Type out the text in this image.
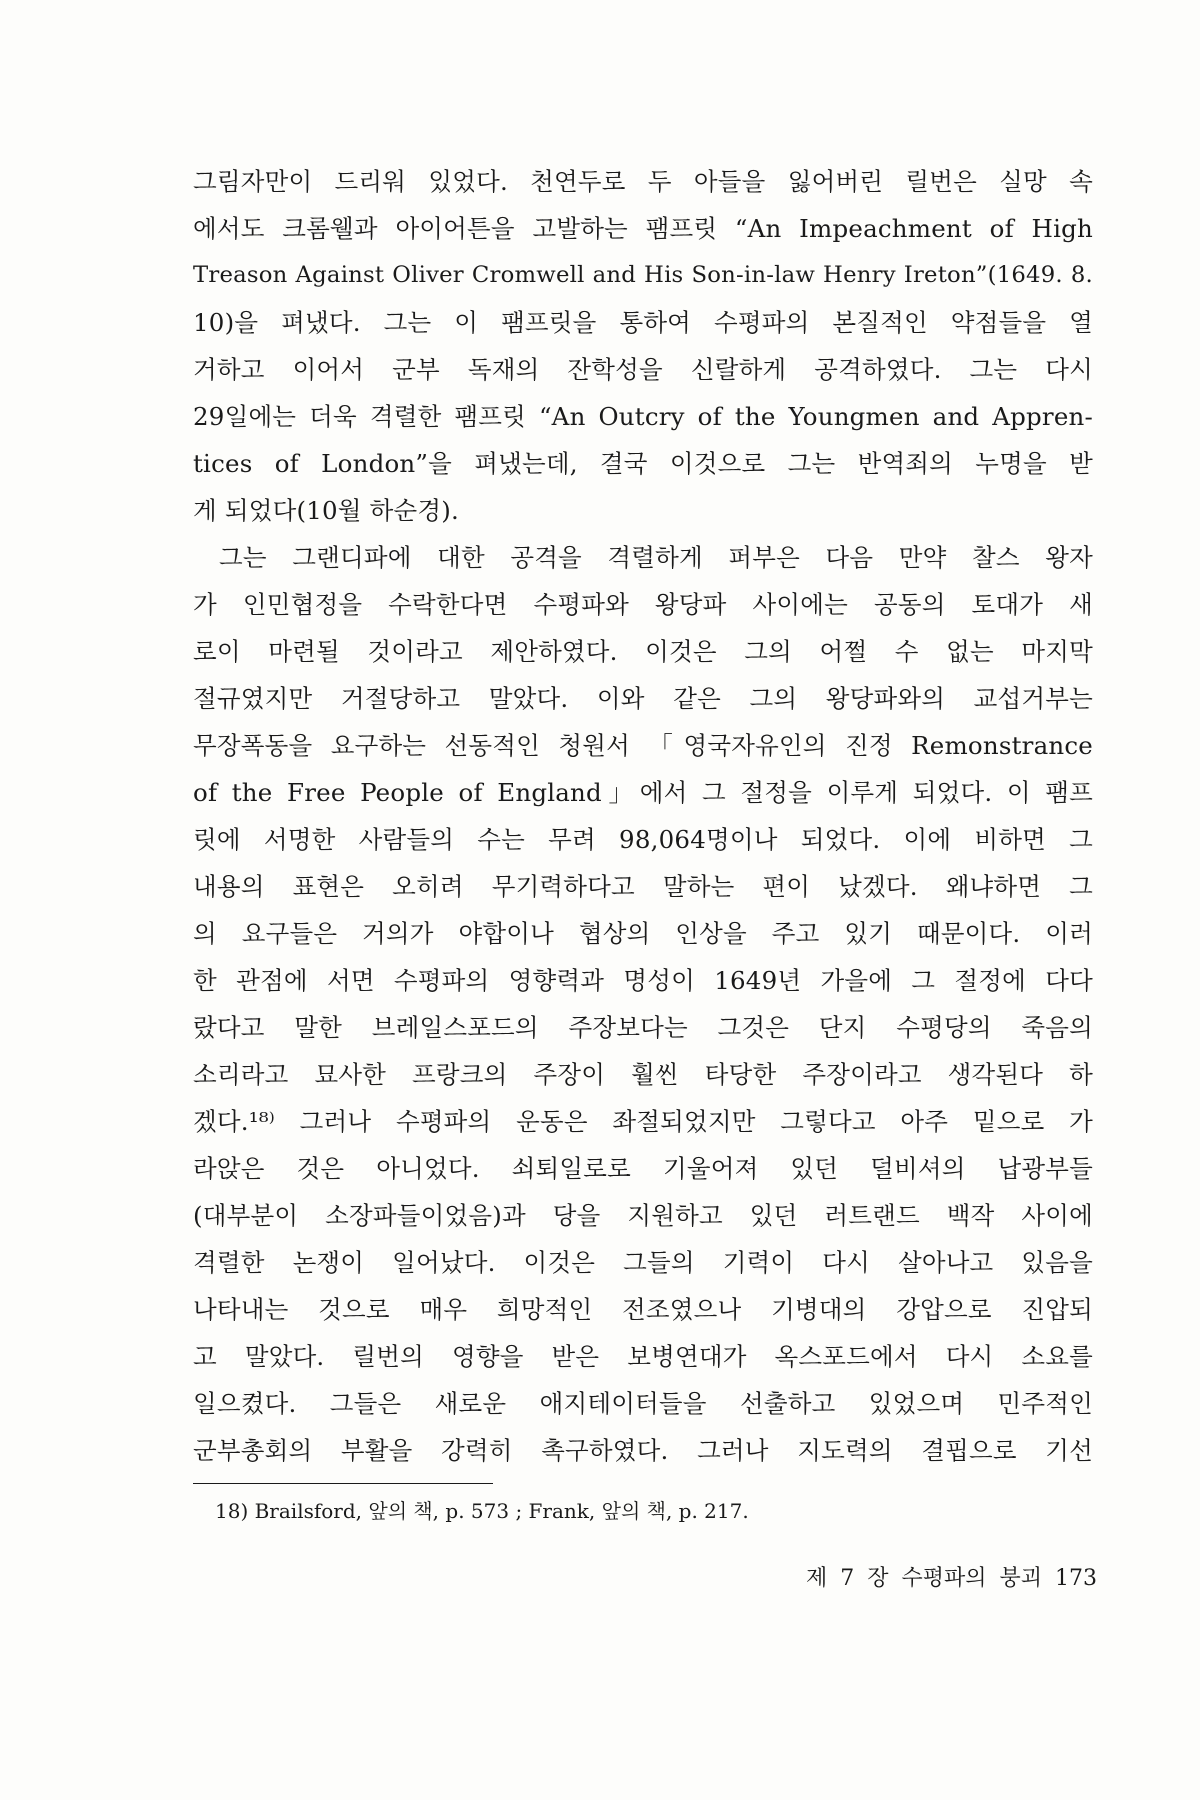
그림자만이 드리워 있었다. 천연두로 두 아들을 잃어버린 릴번은 실망 속
에서도 크롬웰과 아이어튼을 고발하는 팸프릿 “An Impeachment of High
Treason Against Oliver Cromwell and His Son-in-law Henry Ireton”(1649. 8.
10)을 펴냈다. 그는 이 팸프릿을 통하여 수평파의 본질적인 약점들을 열
거하고 이어서 군부 독재의 잔학성을 신랄하게 공격하였다. 그는 다시
29일에는 더욱 격렬한 팸프릿 “An Outcry of the Youngmen and Appren-
tices of London”을 펴냈는데, 결국 이것으로 그는 반역죄의 누명을 받
게 되었다(10월 하순경).

그는 그랜디파에 대한 공격을 격렬하게 퍼부은 다음 만약 찰스 왕자
가 인민협정을 수락한다면 수평파와 왕당파 사이에는 공동의 토대가 새
로이 마련될 것이라고 제안하였다. 이것은 그의 어쩔 수 없는 마지막
절규였지만 거절당하고 말았다. 이와 같은 그의 왕당파와의 교섭거부는
무장폭동을 요구하는 선동적인 청원서 「영국자유인의 진정 Remonstrance
of the Free People of England」에서 그 절정을 이루게 되었다. 이 팸프
릿에 서명한 사람들의 수는 무려 98,064명이나 되었다. 이에 비하면 그
내용의 표현은 오히려 무기력하다고 말하는 편이 났겠다. 왜냐하면 그
의 요구들은 거의가 야합이나 협상의 인상을 주고 있기 때문이다. 이러
한 관점에 서면 수평파의 영향력과 명성이 1649년 가을에 그 절정에 다다
랐다고 말한 브레일스포드의 주장보다는 그것은 단지 수평당의 죽음의
소리라고 묘사한 프랑크의 주장이 훨씬 타당한 주장이라고 생각된다 하
겠다.¹⁸⁾ 그러나 수평파의 운동은 좌절되었지만 그렇다고 아주 밑으로 가
라앉은 것은 아니었다. 쇠퇴일로로 기울어져 있던 덜비셔의 납광부들
(대부분이 소장파들이었음)과 당을 지원하고 있던 러트랜드 백작 사이에
격렬한 논쟁이 일어났다. 이것은 그들의 기력이 다시 살아나고 있음을
나타내는 것으로 매우 희망적인 전조였으나 기병대의 강압으로 진압되
고 말았다. 릴번의 영향을 받은 보병연대가 옥스포드에서 다시 소요를
일으켰다. 그들은 새로운 애지테이터들을 선출하고 있었으며 민주적인
군부총회의 부활을 강력히 촉구하였다. 그러나 지도력의 결핍으로 기선

18) Brailsford, 앞의 책, p. 573 ; Frank, 앞의 책, p. 217.
제 7 장 수평파의 붕괴 173
